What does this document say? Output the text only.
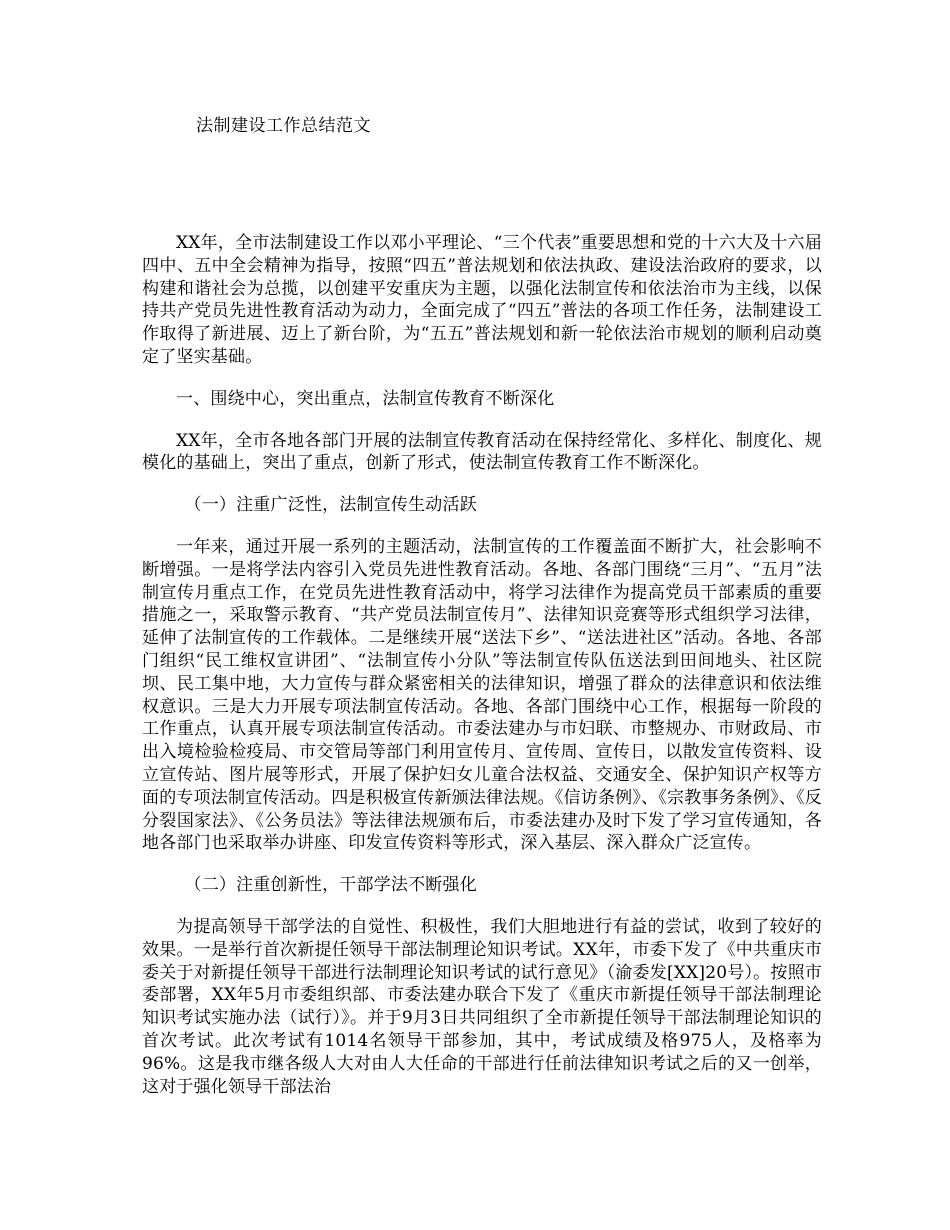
法制建设工作总结范文

XX年，全市法制建设工作以邓小平理论、“三个代表”重要思想和党的十六大及十六届四中、五中全会精神为指导，按照“四五”普法规划和依法执政、建设法治政府的要求，以构建和谐社会为总揽，以创建平安重庆为主题，以强化法制宣传和依法治市为主线，以保持共产党员先进性教育活动为动力，全面完成了“四五”普法的各项工作任务，法制建设工作取得了新进展、迈上了新台阶，为“五五”普法规划和新一轮依法治市规划的顺利启动奠定了坚实基础。

一、围绕中心，突出重点，法制宣传教育不断深化

XX年，全市各地各部门开展的法制宣传教育活动在保持经常化、多样化、制度化、规模化的基础上，突出了重点，创新了形式，使法制宣传教育工作不断深化。

（一）注重广泛性，法制宣传生动活跃

一年来，通过开展一系列的主题活动，法制宣传的工作覆盖面不断扩大，社会影响不断增强。一是将学法内容引入党员先进性教育活动。各地、各部门围绕“三月”、“五月”法制宣传月重点工作，在党员先进性教育活动中，将学习法律作为提高党员干部素质的重要措施之一，采取警示教育、“共产党员法制宣传月”、法律知识竞赛等形式组织学习法律，延伸了法制宣传的工作载体。二是继续开展“送法下乡”、“送法进社区”活动。各地、各部门组织“民工维权宣讲团”、“法制宣传小分队”等法制宣传队伍送法到田间地头、社区院坝、民工集中地，大力宣传与群众紧密相关的法律知识，增强了群众的法律意识和依法维权意识。三是大力开展专项法制宣传活动。各地、各部门围绕中心工作，根据每一阶段的工作重点，认真开展专项法制宣传活动。市委法建办与市妇联、市整规办、市财政局、市出入境检验检疫局、市交管局等部门利用宣传月、宣传周、宣传日，以散发宣传资料、设立宣传站、图片展等形式，开展了保护妇女儿童合法权益、交通安全、保护知识产权等方面的专项法制宣传活动。四是积极宣传新颁法律法规。《信访条例》、《宗教事务条例》、《反分裂国家法》、《公务员法》等法律法规颁布后，市委法建办及时下发了学习宣传通知，各地各部门也采取举办讲座、印发宣传资料等形式，深入基层、深入群众广泛宣传。

（二）注重创新性，干部学法不断强化

为提高领导干部学法的自觉性、积极性，我们大胆地进行有益的尝试，收到了较好的效果。一是举行首次新提任领导干部法制理论知识考试。XX年，市委下发了《中共重庆市委关于对新提任领导干部进行法制理论知识考试的试行意见》（渝委发[XX]20号）。按照市委部署，XX年5月市委组织部、市委法建办联合下发了《重庆市新提任领导干部法制理论知识考试实施办法（试行）》。并于9月3日共同组织了全市新提任领导干部法制理论知识的首次考试。此次考试有1014名领导干部参加，其中，考试成绩及格975人，及格率为96%。这是我市继各级人大对由人大任命的干部进行任前法律知识考试之后的又一创举，这对于强化领导干部法治
